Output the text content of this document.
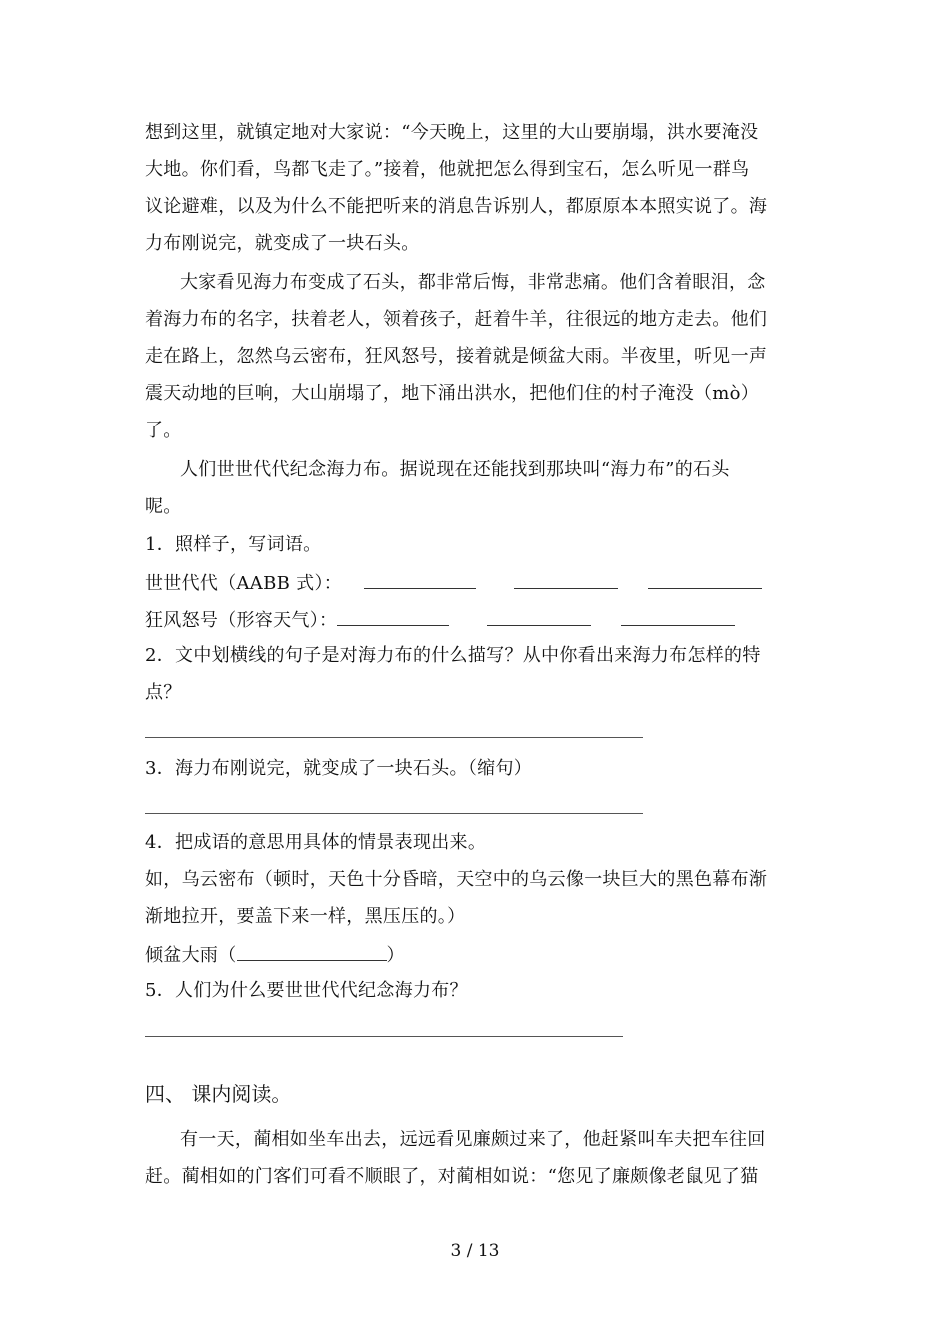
想到这里，就镇定地对大家说：“今天晚上，这里的大山要崩塌，洪水要淹没
大地。你们看，鸟都飞走了。”接着，他就把怎么得到宝石，怎么听见一群鸟
议论避难，以及为什么不能把听来的消息告诉别人，都原原本本照实说了。海
力布刚说完，就变成了一块石头。
大家看见海力布变成了石头，都非常后悔，非常悲痛。他们含着眼泪，念
着海力布的名字，扶着老人，领着孩子，赶着牛羊，往很远的地方走去。他们
走在路上，忽然乌云密布，狂风怒号，接着就是倾盆大雨。半夜里，听见一声
震天动地的巨响，大山崩塌了，地下涌出洪水，把他们住的村子淹没（mò）
了。
人们世世代代纪念海力布。据说现在还能找到那块叫“海力布”的石头
呢。
1．照样子，写词语。
世世代代（AABB 式）：
狂风怒号（形容天气）：
2．文中划横线的句子是对海力布的什么描写？从中你看出来海力布怎样的特
点？
3．海力布刚说完，就变成了一块石头。（缩句）
4．把成语的意思用具体的情景表现出来。
如，乌云密布（顿时，天色十分昏暗，天空中的乌云像一块巨大的黑色幕布渐
渐地拉开，要盖下来一样，黑压压的。）
倾盆大雨（	）
5．人们为什么要世世代代纪念海力布？
四、 课内阅读。
有一天，蔺相如坐车出去，远远看见廉颇过来了，他赶紧叫车夫把车往回
赶。蔺相如的门客们可看不顺眼了，对蔺相如说：“您见了廉颇像老鼠见了猫
3 / 13
